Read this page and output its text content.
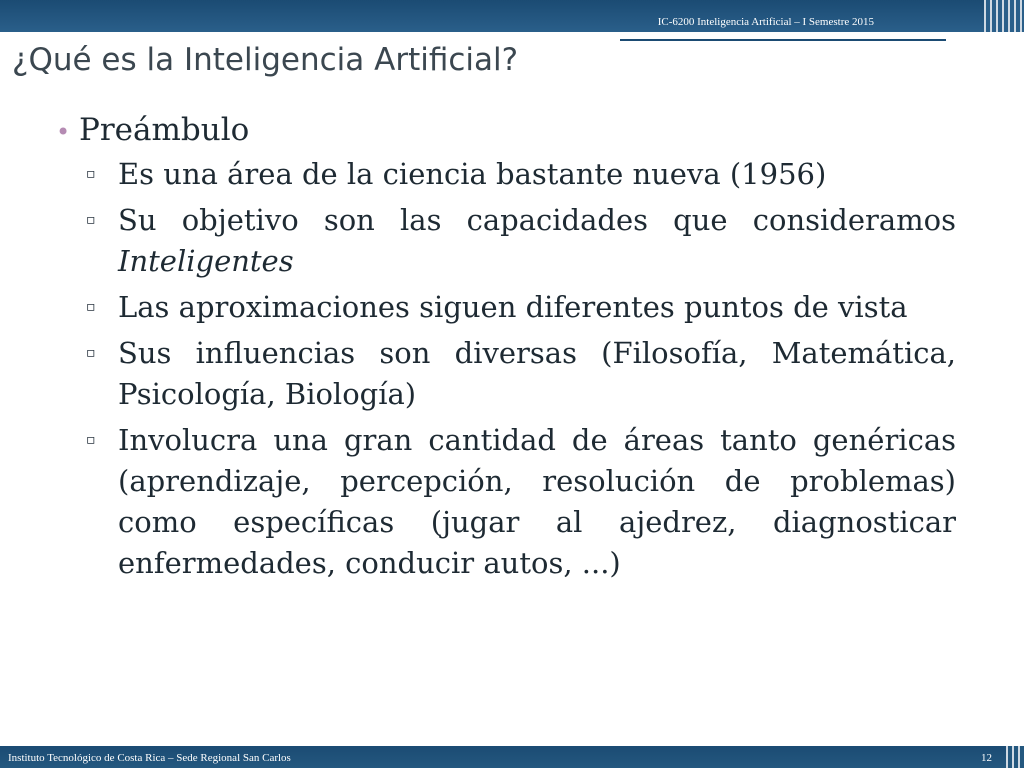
IC-6200 Inteligencia Artificial – I Semestre 2015
¿Qué es la Inteligencia Artificial?
• Preámbulo
▫ Es una área de la ciencia bastante nueva (1956)
▫ Su objetivo son las capacidades que consideramos Inteligentes
▫ Las aproximaciones siguen diferentes puntos de vista
▫ Sus influencias son diversas (Filosofía, Matemática, Psicología, Biología)
▫ Involucra una gran cantidad de áreas tanto genéricas (aprendizaje, percepción, resolución de problemas) como específicas (jugar al ajedrez, diagnosticar enfermedades, conducir autos, ...)
Instituto Tecnológico de Costa Rica – Sede Regional San Carlos	12
